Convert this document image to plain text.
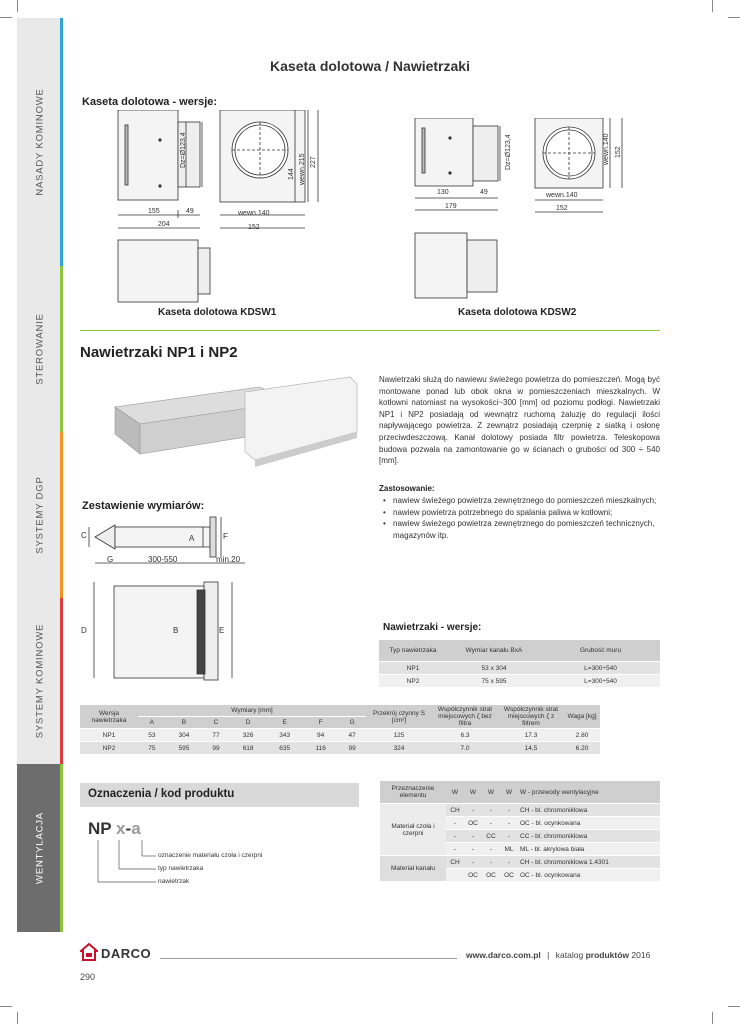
NASADY KOMINOWE
STEROWANIE
SYSTEMY DGP
SYSTEMY KOMINOWE
WENTYLACJA
Kaseta dolotowa / Nawietrzaki
Kaseta dolotowa - wersje:
155	49
204
Dz=Ø123,4
wewn.140
152
144 wewn.215 227
Kaseta dolotowa KDSW1
130	49
179
Dz=Ø123,4
wewn.140
152
wewn.140 152
Kaseta dolotowa KDSW2
Nawietrzaki NP1 i NP2
Nawietrzaki służą do nawiewu świeżego powietrza do pomieszczeń. Mogą być montowane ponad lub obok okna w pomieszczeniach mieszkalnych. W kotłowni natomiast na wysokości~300 [mm] od poziomu podłogi. Nawietrzaki NP1 i NP2 posiadają od wewnątrz ruchomą żaluzję do regulacji ilości napływającego powietrza. Z zewnątrz posiadają czerpnię z siatką i osłonę przeciwdeszczową. Kanał dolotowy posiada filtr powietrza. Teleskopowa budowa pozwala na zamontowanie go w ścianach o grubości od 300 ÷ 540 [mm].
Zastosowanie:
• nawiew świeżego powietrza zewnętrznego do pomieszczeń mieszkalnych;
• nawiew powietrza potrzebnego do spalania paliwa w kotłowni;
• nawiew świeżego powietrza zewnętrznego do pomieszczeń technicznych, magazynów itp.
Zestawienie wymiarów:
C	A	F
G	300-550	min.20
D	B	E	Nawietrzaki - wersje:
Typ nawietrzaka	Wymiar kanału BxA	Grubość muru
NP1	53 x 304	L=300÷540
NP2	75 x 595	L=300÷540
Wersja nawietrzaka	Wymiary [mm]							Przekrój czynny S [cm²]	Współczynnik strat miejscowych ζ bez filtra	Współczynnik strat miejscowych ζ z filtrem	Waga [kg]
	A	B	C	D	E	F	G				
NP1	53	304	77	326	343	94	47	125	6.3	17.3	2.80
NP2	75	595	99	618	635	116	99	324	7.0	14,5	6.20
Oznaczenia / kod produktu
NP x-a
oznaczenie materiału czoła i czerpni
typ nawietrzaka
nawietrzak
Przeznaczenie elementu	W	W	W	W	W - przewody wentylacyjne
Materiał czoła i czerpni	CH	-	-	-	CH - bl. chromoniklowa
	-	OC	-	-	OC - bl. ocynkowana
	-	-	CC	-	CC - bl. chromoniklowa
	-	-	-	ML	ML - bl. akrylowa biała
Materiał kanału	CH	-	-	-	CH - bl. chromoniklowa 1.4301
		OC	OC	OC	OC - bl. ocynkowana
DARCO	www.darco.com.pl | katalog produktów 2016
290
